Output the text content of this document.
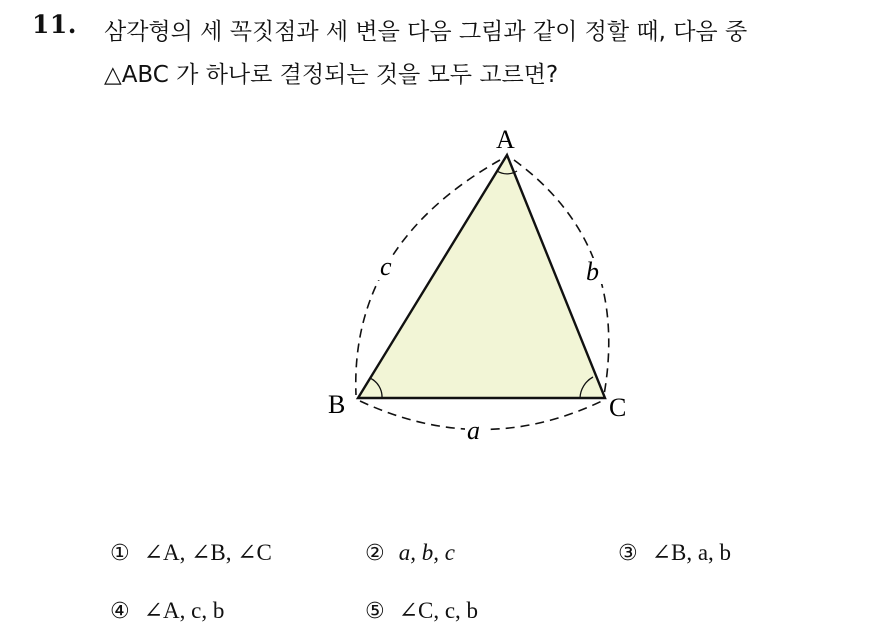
11. 삼각형의 세 꼭짓점과 세 변을 다음 그림과 같이 정할 때, 다음 중
△ABC 가 하나로 결정되는 것을 모두 고르면?
A
B	C
c	b
a
① ∠A, ∠B, ∠C	② a, b, c	③ ∠B, a, b
④ ∠A, c, b	⑤ ∠C, c, b
